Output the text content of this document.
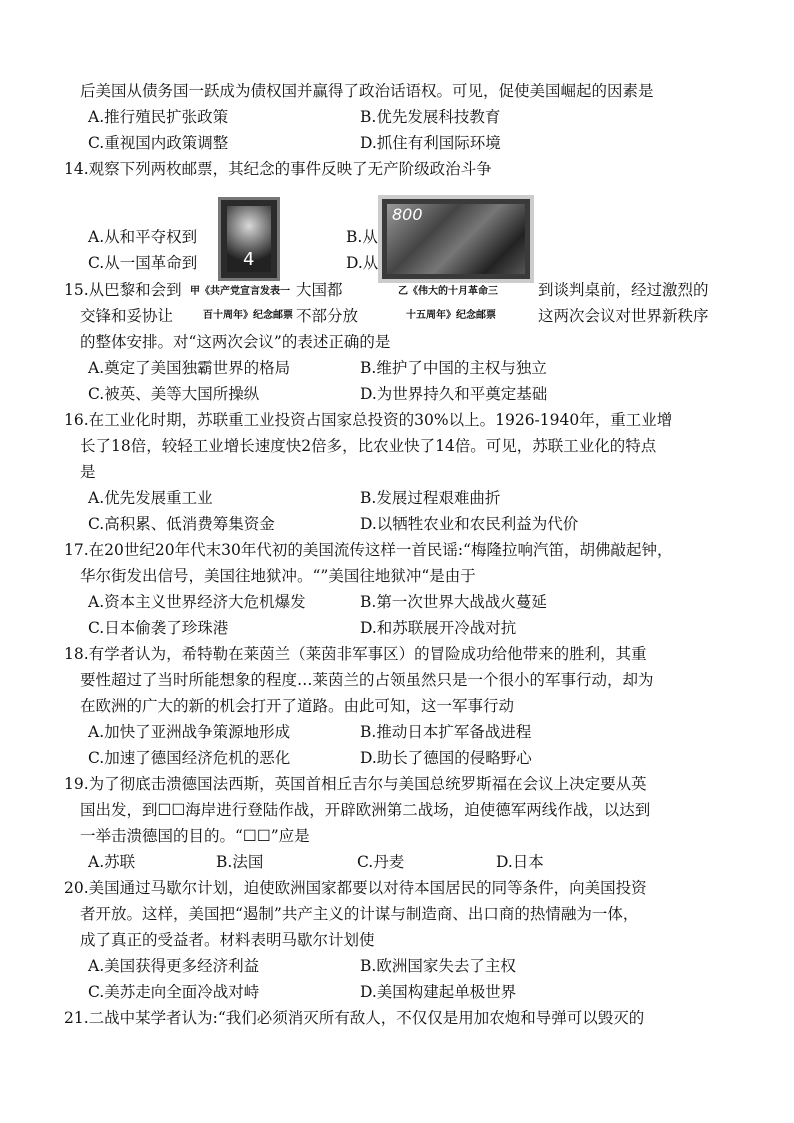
后美国从债务国一跃成为债权国并赢得了政治话语权。可见，促使美国崛起的因素是
A.推行殖民扩张政策	B.优先发展科技教育
C.重视国内政策调整	D.抓住有利国际环境
14.观察下列两枚邮票，其纪念的事件反映了无产阶级政治斗争
A.从和平夺权到	B.从
C.从一国革命到	D.从
15.从巴黎和会到	大国都	到谈判桌前，经过激烈的
交锋和妥协让	不部分放	这两次会议对世界新秩序
的整体安排。对“这两次会议”的表述正确的是
A.奠定了美国独霸世界的格局	B.维护了中国的主权与独立
C.被英、美等大国所操纵	D.为世界持久和平奠定基础
16.在工业化时期，苏联重工业投资占国家总投资的30%以上。1926-1940年，重工业增
长了18倍，较轻工业增长速度快2倍多，比农业快了14倍。可见，苏联工业化的特点
是
A.优先发展重工业	B.发展过程艰难曲折
C.高积累、低消费筹集资金	D.以牺牲农业和农民利益为代价
17.在20世纪20年代末30年代初的美国流传这样一首民谣:“梅隆拉响汽笛，胡佛敲起钟，
华尔街发出信号，美国往地狱冲。“”美国往地狱冲“是由于
A.资本主义世界经济大危机爆发	B.第一次世界大战战火蔓延
C.日本偷袭了珍珠港	D.和苏联展开冷战对抗
18.有学者认为，希特勒在莱茵兰（莱茵非军事区）的冒险成功给他带来的胜利，其重
要性超过了当时所能想象的程度…莱茵兰的占领虽然只是一个很小的军事行动，却为
在欧洲的广大的新的机会打开了道路。由此可知，这一军事行动
A.加快了亚洲战争策源地形成	B.推动日本扩军备战进程
C.加速了德国经济危机的恶化	D.助长了德国的侵略野心
19.为了彻底击溃德国法西斯，英国首相丘吉尔与美国总统罗斯福在会议上决定要从英
国出发，到☐☐海岸进行登陆作战，开辟欧洲第二战场，迫使德军两线作战，以达到
一举击溃德国的目的。“☐☐”应是
A.苏联	B.法国	C.丹麦	D.日本
20.美国通过马歇尔计划，迫使欧洲国家都要以对待本国居民的同等条件，向美国投资
者开放。这样，美国把“遏制”共产主义的计谋与制造商、出口商的热情融为一体，
成了真正的受益者。材料表明马歇尔计划使
A.美国获得更多经济利益	B.欧洲国家失去了主权
C.美苏走向全面冷战对峙	D.美国构建起单极世界
21.二战中某学者认为:“我们必须消灭所有敌人，不仅仅是用加农炮和导弹可以毁灭的
4
甲《共产党宣言发表一
百十周年》纪念邮票
800
乙《伟大的十月革命三
十五周年》纪念邮票
